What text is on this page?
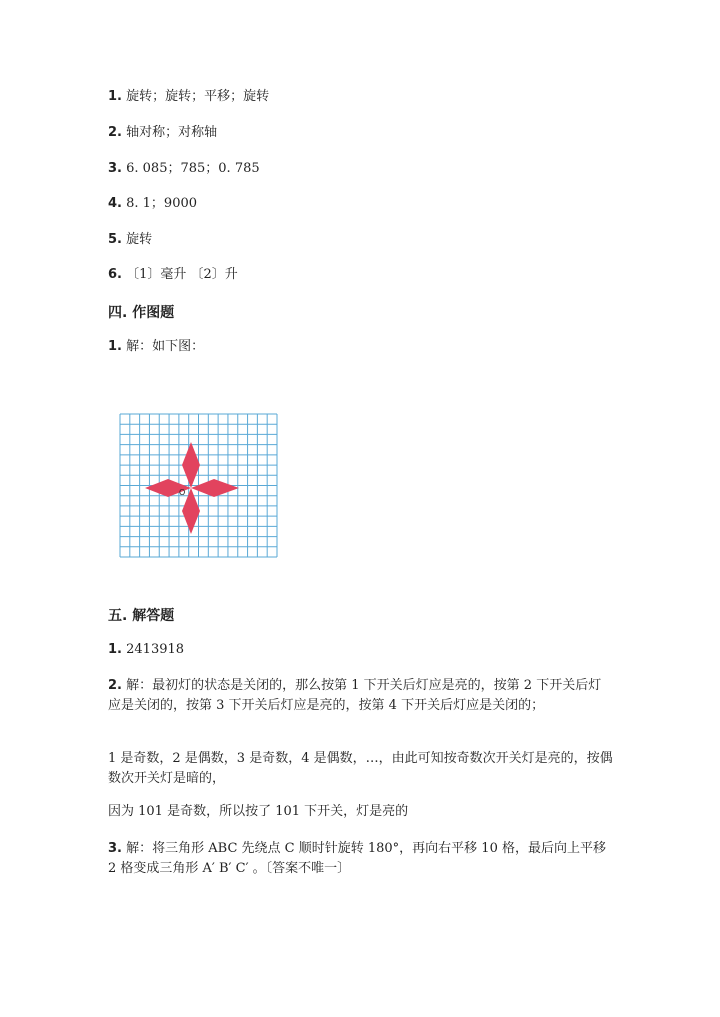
1. 旋转；旋转；平移；旋转
2. 轴对称；对称轴
3. 6. 085；785；0. 785
4. 8. 1；9000
5. 旋转
6. 〔1〕毫升 〔2〕升
四. 作图题
1. 解：如下图：
O
五. 解答题
1. 2413918
2. 解：最初灯的状态是关闭的，那么按第 1 下开关后灯应是亮的，按第 2 下开关后灯应是关闭的，按第 3 下开关后灯应是亮的，按第 4 下开关后灯应是关闭的；
1 是奇数，2 是偶数，3 是奇数，4 是偶数，…，由此可知按奇数次开关灯是亮的，按偶数次开关灯是暗的，
因为 101 是奇数，所以按了 101 下开关，灯是亮的
3. 解：将三角形 ABC 先绕点 C 顺时针旋转 180°，再向右平移 10 格，最后向上平移 2 格变成三角形 A′ B′ C′ 。〔答案不唯一〕
